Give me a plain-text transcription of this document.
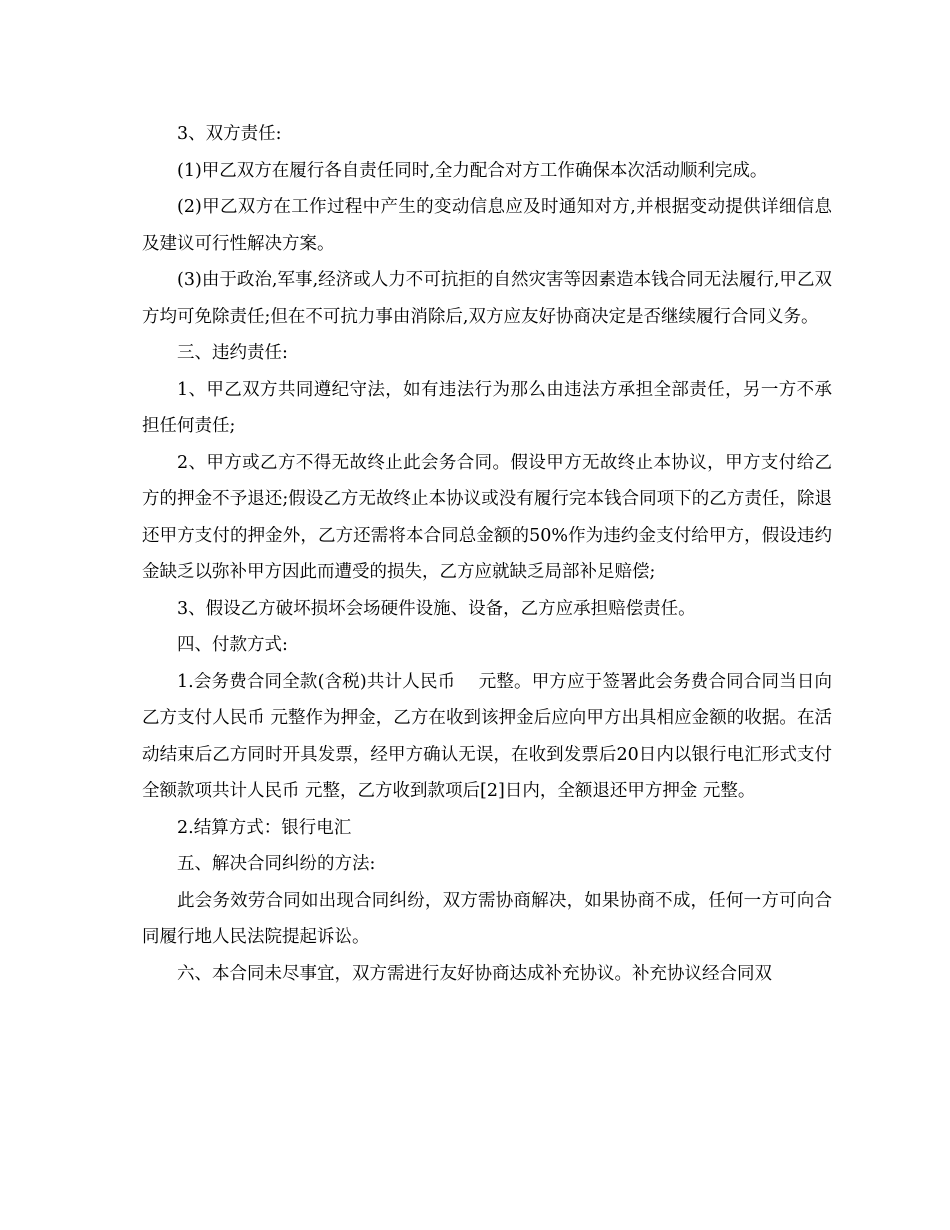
3、双方责任:

(1)甲乙双方在履行各自责任同时,全力配合对方工作确保本次活动顺利完成。

(2)甲乙双方在工作过程中产生的变动信息应及时通知对方,并根据变动提供详细信息及建议可行性解决方案。

(3)由于政治,军事,经济或人力不可抗拒的自然灾害等因素造本钱合同无法履行,甲乙双方均可免除责任;但在不可抗力事由消除后,双方应友好协商决定是否继续履行合同义务。

三、违约责任:

1、甲乙双方共同遵纪守法，如有违法行为那么由违法方承担全部责任，另一方不承担任何责任;

2、甲方或乙方不得无故终止此会务合同。假设甲方无故终止本协议，甲方支付给乙方的押金不予退还;假设乙方无故终止本协议或没有履行完本钱合同项下的乙方责任，除退还甲方支付的押金外，乙方还需将本合同总金额的50%作为违约金支付给甲方，假设违约金缺乏以弥补甲方因此而遭受的损失，乙方应就缺乏局部补足赔偿;

3、假设乙方破坏损坏会场硬件设施、设备，乙方应承担赔偿责任。

四、付款方式:

1.会务费合同全款(含税)共计人民币　 元整。甲方应于签署此会务费合同合同当日向乙方支付人民币 元整作为押金，乙方在收到该押金后应向甲方出具相应金额的收据。在活动结束后乙方同时开具发票，经甲方确认无误，在收到发票后20日内以银行电汇形式支付全额款项共计人民币 元整，乙方收到款项后[2]日内，全额退还甲方押金 元整。

2.结算方式：银行电汇

五、解决合同纠纷的方法:

此会务效劳合同如出现合同纠纷，双方需协商解决，如果协商不成，任何一方可向合同履行地人民法院提起诉讼。

六、本合同未尽事宜，双方需进行友好协商达成补充协议。补充协议经合同双
